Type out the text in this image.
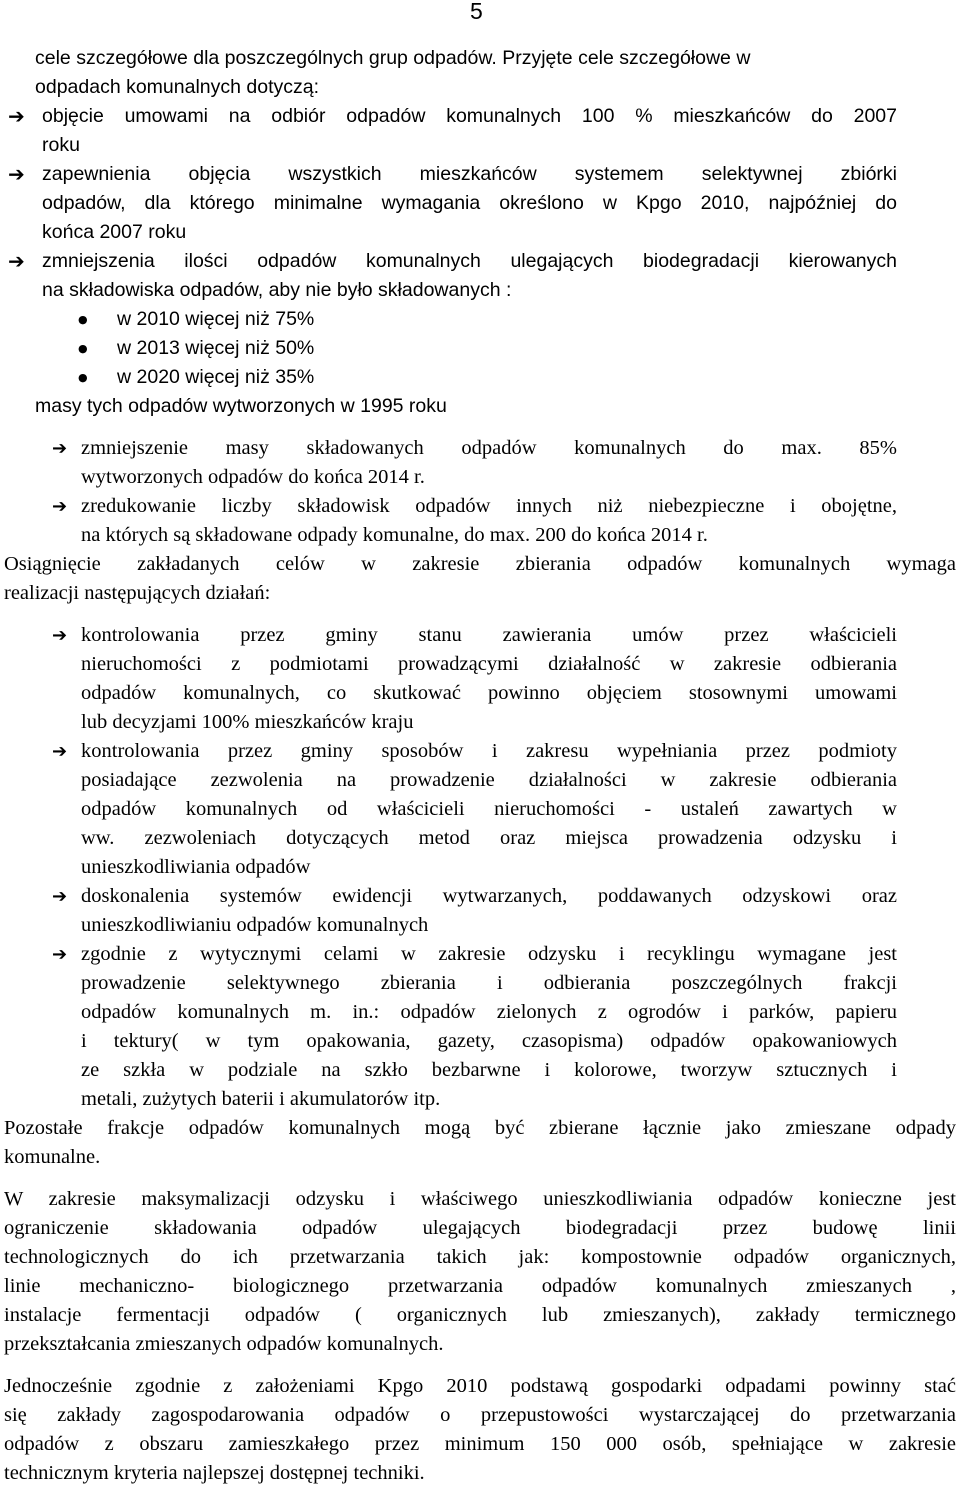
5
cele szczegółowe dla poszczególnych grup odpadów. Przyjęte cele szczegółowe w
odpadach komunalnych dotyczą:
➔ objęcie umowami na odbiór odpadów komunalnych 100 % mieszkańców do 2007
roku
➔ zapewnienia objęcia wszystkich mieszkańców systemem selektywnej zbiórki
odpadów, dla którego minimalne wymagania określono w Kpgo 2010, najpóźniej do
końca 2007 roku
➔ zmniejszenia ilości odpadów komunalnych ulegających biodegradacji kierowanych
na składowiska odpadów, aby nie było składowanych :
● w 2010 więcej niż 75%
● w 2013 więcej niż 50%
● w 2020 więcej niż 35%
masy tych odpadów wytworzonych w 1995 roku
➔ zmniejszenie masy składowanych odpadów komunalnych do max. 85%
wytworzonych odpadów do końca 2014 r.
➔ zredukowanie liczby składowisk odpadów innych niż niebezpieczne i obojętne,
na których są składowane odpady komunalne, do max. 200 do końca 2014 r.
Osiągnięcie zakładanych celów w zakresie zbierania odpadów komunalnych wymaga
realizacji następujących działań:
➔ kontrolowania przez gminy stanu zawierania umów przez właścicieli
nieruchomości z podmiotami prowadzącymi działalność w zakresie odbierania
odpadów komunalnych, co skutkować powinno objęciem stosownymi umowami
lub decyzjami 100% mieszkańców kraju
➔ kontrolowania przez gminy sposobów i zakresu wypełniania przez podmioty
posiadające zezwolenia na prowadzenie działalności w zakresie odbierania
odpadów komunalnych od właścicieli nieruchomości - ustaleń zawartych w
ww. zezwoleniach dotyczących metod oraz miejsca prowadzenia odzysku i
unieszkodliwiania odpadów
➔ doskonalenia systemów ewidencji wytwarzanych, poddawanych odzyskowi oraz
unieszkodliwianiu odpadów komunalnych
➔ zgodnie z wytycznymi celami w zakresie odzysku i recyklingu wymagane jest
prowadzenie selektywnego zbierania i odbierania poszczególnych frakcji
odpadów komunalnych m. in.: odpadów zielonych z ogrodów i parków, papieru
i tektury( w tym opakowania, gazety, czasopisma) odpadów opakowaniowych
ze szkła w podziale na szkło bezbarwne i kolorowe, tworzyw sztucznych i
metali, zużytych baterii i akumulatorów itp.
Pozostałe frakcje odpadów komunalnych mogą być zbierane łącznie jako zmieszane odpady
komunalne.
W zakresie maksymalizacji odzysku i właściwego unieszkodliwiania odpadów konieczne jest
ograniczenie składowania odpadów ulegających biodegradacji przez budowę linii
technologicznych do ich przetwarzania takich jak: kompostownie odpadów organicznych,
linie mechaniczno- biologicznego przetwarzania odpadów komunalnych zmieszanych ,
instalacje fermentacji odpadów ( organicznych lub zmieszanych), zakłady termicznego
przekształcania zmieszanych odpadów komunalnych.
Jednocześnie zgodnie z założeniami Kpgo 2010 podstawą gospodarki odpadami powinny stać
się zakłady zagospodarowania odpadów o przepustowości wystarczającej do przetwarzania
odpadów z obszaru zamieszkałego przez minimum 150 000 osób, spełniające w zakresie
technicznym kryteria najlepszej dostępnej techniki.
